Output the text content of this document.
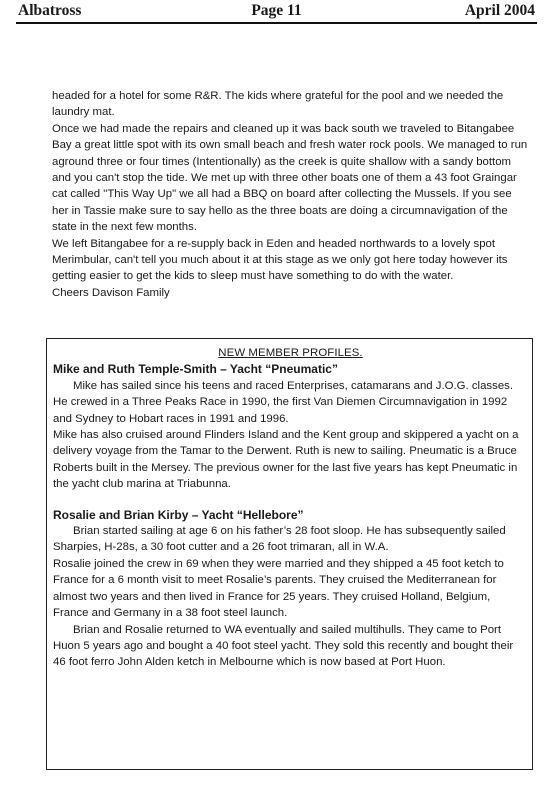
Albatross	Page 11	April 2004

headed for a hotel for some R&R. The kids where grateful for the pool and we needed the laundry mat.

Once we had made the repairs and cleaned up it was back south we traveled to Bitangabee Bay a great little spot with its own small beach and fresh water rock pools. We managed to run aground three or four times (Intentionally) as the creek is quite shallow with a sandy bottom and you can't stop the tide. We met up with three other boats one of them a 43 foot Graingar cat called "This Way Up" we all had a BBQ on board after collecting the Mussels. If you see her in Tassie make sure to say hello as the three boats are doing a circumnavigation of the state in the next few months.

We left Bitangabee for a re-supply back in Eden and headed northwards to a lovely spot Merimbular, can't tell you much about it at this stage as we only got here today however its getting easier to get the kids to sleep must have something to do with the water.

Cheers Davison Family

NEW MEMBER PROFILES.

Mike and Ruth Temple-Smith – Yacht “Pneumatic”

Mike has sailed since his teens and raced Enterprises, catamarans and J.O.G. classes. He crewed in a Three Peaks Race in 1990, the first Van Diemen Circumnavigation in 1992 and Sydney to Hobart races in 1991 and 1996.

Mike has also cruised around Flinders Island and the Kent group and skippered a yacht on a delivery voyage from the Tamar to the Derwent. Ruth is new to sailing. Pneumatic is a Bruce Roberts built in the Mersey. The previous owner for the last five years has kept Pneumatic in the yacht club marina at Triabunna.

Rosalie and Brian Kirby – Yacht “Hellebore”

Brian started sailing at age 6 on his father’s 28 foot sloop. He has subsequently sailed Sharpies, H-28s, a 30 foot cutter and a 26 foot trimaran, all in W.A.

Rosalie joined the crew in 69 when they were married and they shipped a 45 foot ketch to France for a 6 month visit to meet Rosalie’s parents. They cruised the Mediterranean for almost two years and then lived in France for 25 years. They cruised Holland, Belgium, France and Germany in a 38 foot steel launch.

Brian and Rosalie returned to WA eventually and sailed multihulls. They came to Port Huon 5 years ago and bought a 40 foot steel yacht. They sold this recently and bought their 46 foot ferro John Alden ketch in Melbourne which is now based at Port Huon.
